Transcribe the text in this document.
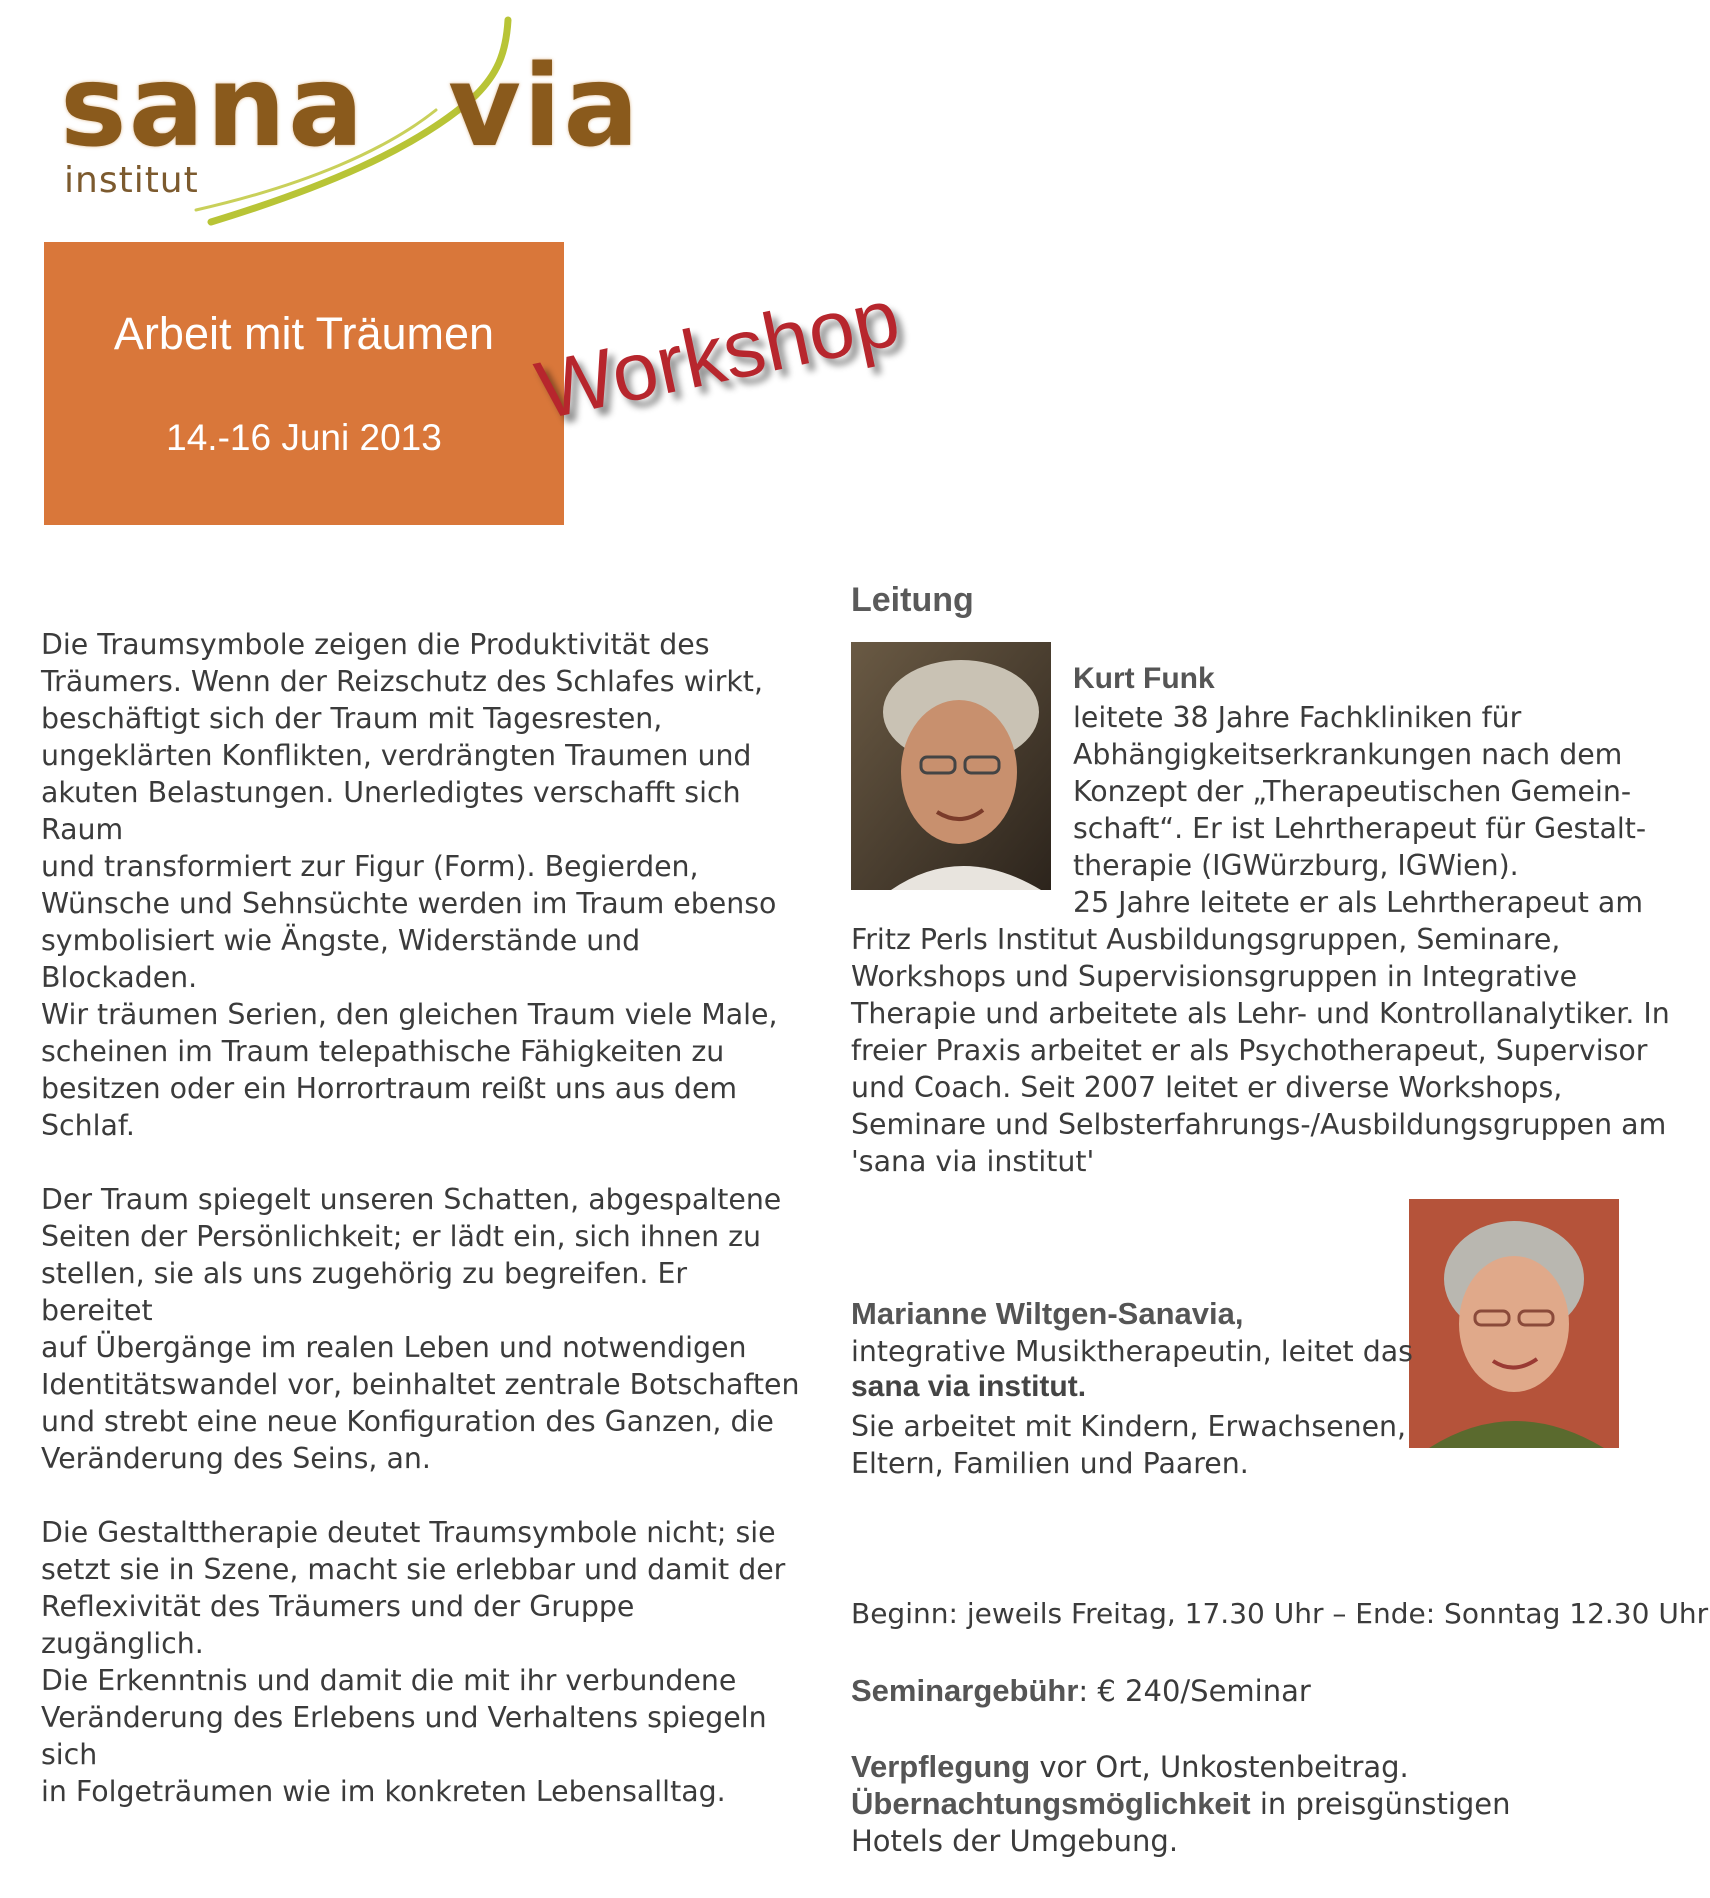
sana via
institut
Arbeit mit Träumen
14.-16 Juni 2013
Workshop

Die Traumsymbole zeigen die Produktivität des
Träumers. Wenn der Reizschutz des Schlafes wirkt,
beschäftigt sich der Traum mit Tagesresten,
ungeklärten Konflikten, verdrängten Traumen und
akuten Belastungen. Unerledigtes verschafft sich Raum
und transformiert zur Figur (Form). Begierden,
Wünsche und Sehnsüchte werden im Traum ebenso
symbolisiert wie Ängste, Widerstände und Blockaden.
Wir träumen Serien, den gleichen Traum viele Male,
scheinen im Traum telepathische Fähigkeiten zu
besitzen oder ein Horrortraum reißt uns aus dem
Schlaf.

Der Traum spiegelt unseren Schatten, abgespaltene
Seiten der Persönlichkeit; er lädt ein, sich ihnen zu
stellen, sie als uns zugehörig zu begreifen. Er bereitet
auf Übergänge im realen Leben und notwendigen
Identitätswandel vor, beinhaltet zentrale Botschaften
und strebt eine neue Konfiguration des Ganzen, die
Veränderung des Seins, an.

Die Gestalttherapie deutet Traumsymbole nicht; sie
setzt sie in Szene, macht sie erlebbar und damit der
Reflexivität des Träumers und der Gruppe zugänglich.
Die Erkenntnis und damit die mit ihr verbundene
Veränderung des Erlebens und Verhaltens spiegeln sich
in Folgeträumen wie im konkreten Lebensalltag.

Leitung
Kurt Funk
leitete 38 Jahre Fachkliniken für
Abhängigkeitserkrankungen nach dem
Konzept der „Therapeutischen Gemein-
schaft“. Er ist Lehrtherapeut für Gestalt-
therapie (IGWürzburg, IGWien).
25 Jahre leitete er als Lehrtherapeut am
Fritz Perls Institut Ausbildungsgruppen, Seminare,
Workshops und Supervisionsgruppen in Integrative
Therapie und arbeitete als Lehr- und Kontrollanalytiker. In
freier Praxis arbeitet er als Psychotherapeut, Supervisor
und Coach. Seit 2007 leitet er diverse Workshops,
Seminare und Selbsterfahrungs-/Ausbildungsgruppen am
'sana via institut'
Marianne Wiltgen-Sanavia,
integrative Musiktherapeutin, leitet das
sana via institut.
Sie arbeitet mit Kindern, Erwachsenen,
Eltern, Familien und Paaren.
Beginn: jeweils Freitag, 17.30 Uhr – Ende: Sonntag 12.30 Uhr
Seminargebühr: € 240/Seminar
Verpflegung vor Ort, Unkostenbeitrag.
Übernachtungsmöglichkeit in preisgünstigen
Hotels der Umgebung.
